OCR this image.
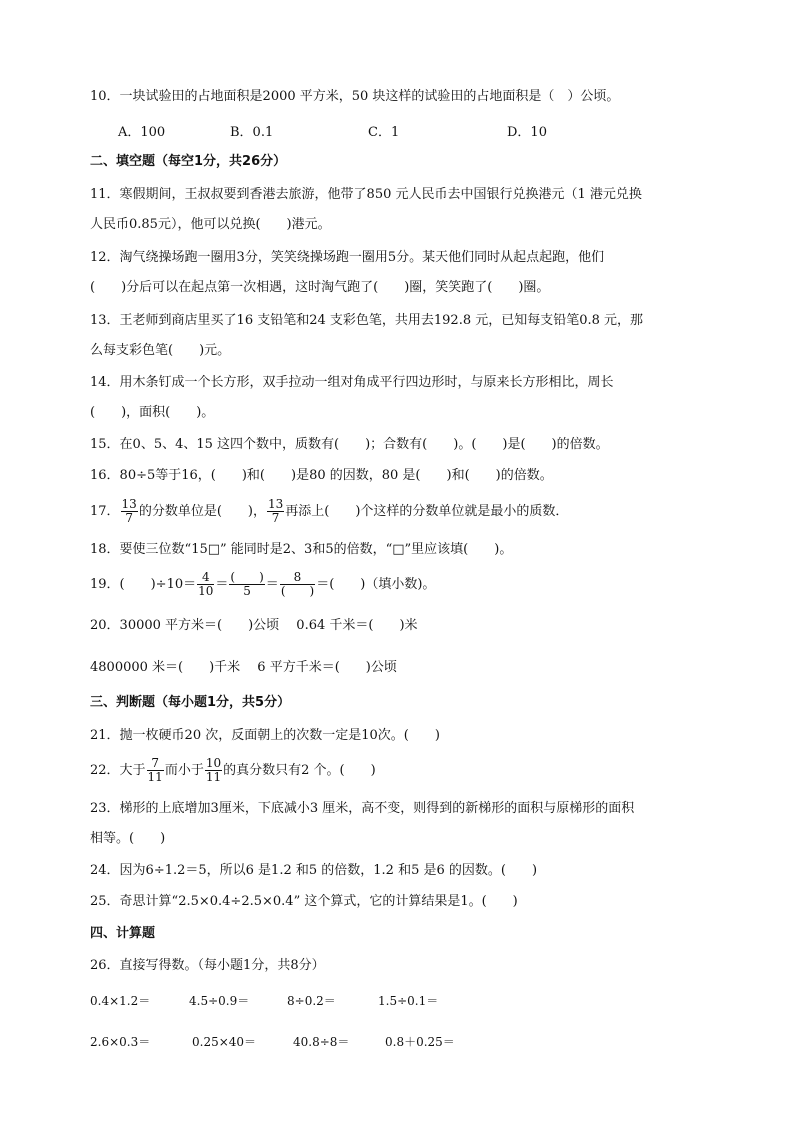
10．一块试验田的占地面积是2000 平方米，50 块这样的试验田的占地面积是（　）公顷。
A．100	B．0.1	C．1	D．10
二、填空题（每空1分，共26分）
11．寒假期间，王叔叔要到香港去旅游，他带了850 元人民币去中国银行兑换港元（1 港元兑换
人民币0.85元），他可以兑换(　　)港元。
12．淘气绕操场跑一圈用3分，笑笑绕操场跑一圈用5分。某天他们同时从起点起跑，他们
(　　)分后可以在起点第一次相遇，这时淘气跑了(　　)圈，笑笑跑了(　　)圈。
13．王老师到商店里买了16 支铅笔和24 支彩色笔，共用去192.8 元，已知每支铅笔0.8 元，那
么每支彩色笔(　　)元。
14．用木条钉成一个长方形，双手拉动一组对角成平行四边形时，与原来长方形相比，周长
(　　)，面积(　　)。
15．在0、5、4、15 这四个数中，质数有(　　)；合数有(　　)。(　　)是(　　)的倍数。
16．80÷5等于16，(　　)和(　　)是80 的因数，80 是(　　)和(　　)的倍数。
17． $\frac{13}{7}$ 的分数单位是(　　)， $\frac{13}{7}$ 再添上(　　)个这样的分数单位就是最小的质数．
18．要使三位数“15□” 能同时是2、3和5的倍数，“□”里应该填(　　)。
19．(　　)$\div 10= \frac{4}{10}$ ＝ (　　)
5	＝	8
(　　) ＝(　　)（填小数)。
20．30000 平方米＝(　　)公顷　 0.64 千米＝(　　)米
4800000 米＝(　　)千米　 6 平方千米＝(　　)公顷
三、判断题（每小题1分，共5分）
21．抛一枚硬币20 次，反面朝上的次数一定是10次。(　　)
22．大于 $\frac{7}{11}$ 而小于 $\frac{10}{11}$ 的真分数只有2 个。(　　)
23．梯形的上底增加3厘米，下底减小3 厘米，高不变，则得到的新梯形的面积与原梯形的面积
相等。(　　)
24．因为6÷1.2＝5，所以6 是1.2 和5 的倍数，1.2 和5 是6 的因数。(　　)
25．奇思计算“2.5×0.4÷2.5×0.4” 这个算式，它的计算结果是1。(　　)
四、计算题
26．直接写得数。（每小题1分，共8分）
0.4×1.2＝	4.5÷0.9＝	8÷0.2＝	1.5÷0.1＝
2.6×0.3＝	0.25×40＝	40.8÷8＝	0.8＋0.25＝
